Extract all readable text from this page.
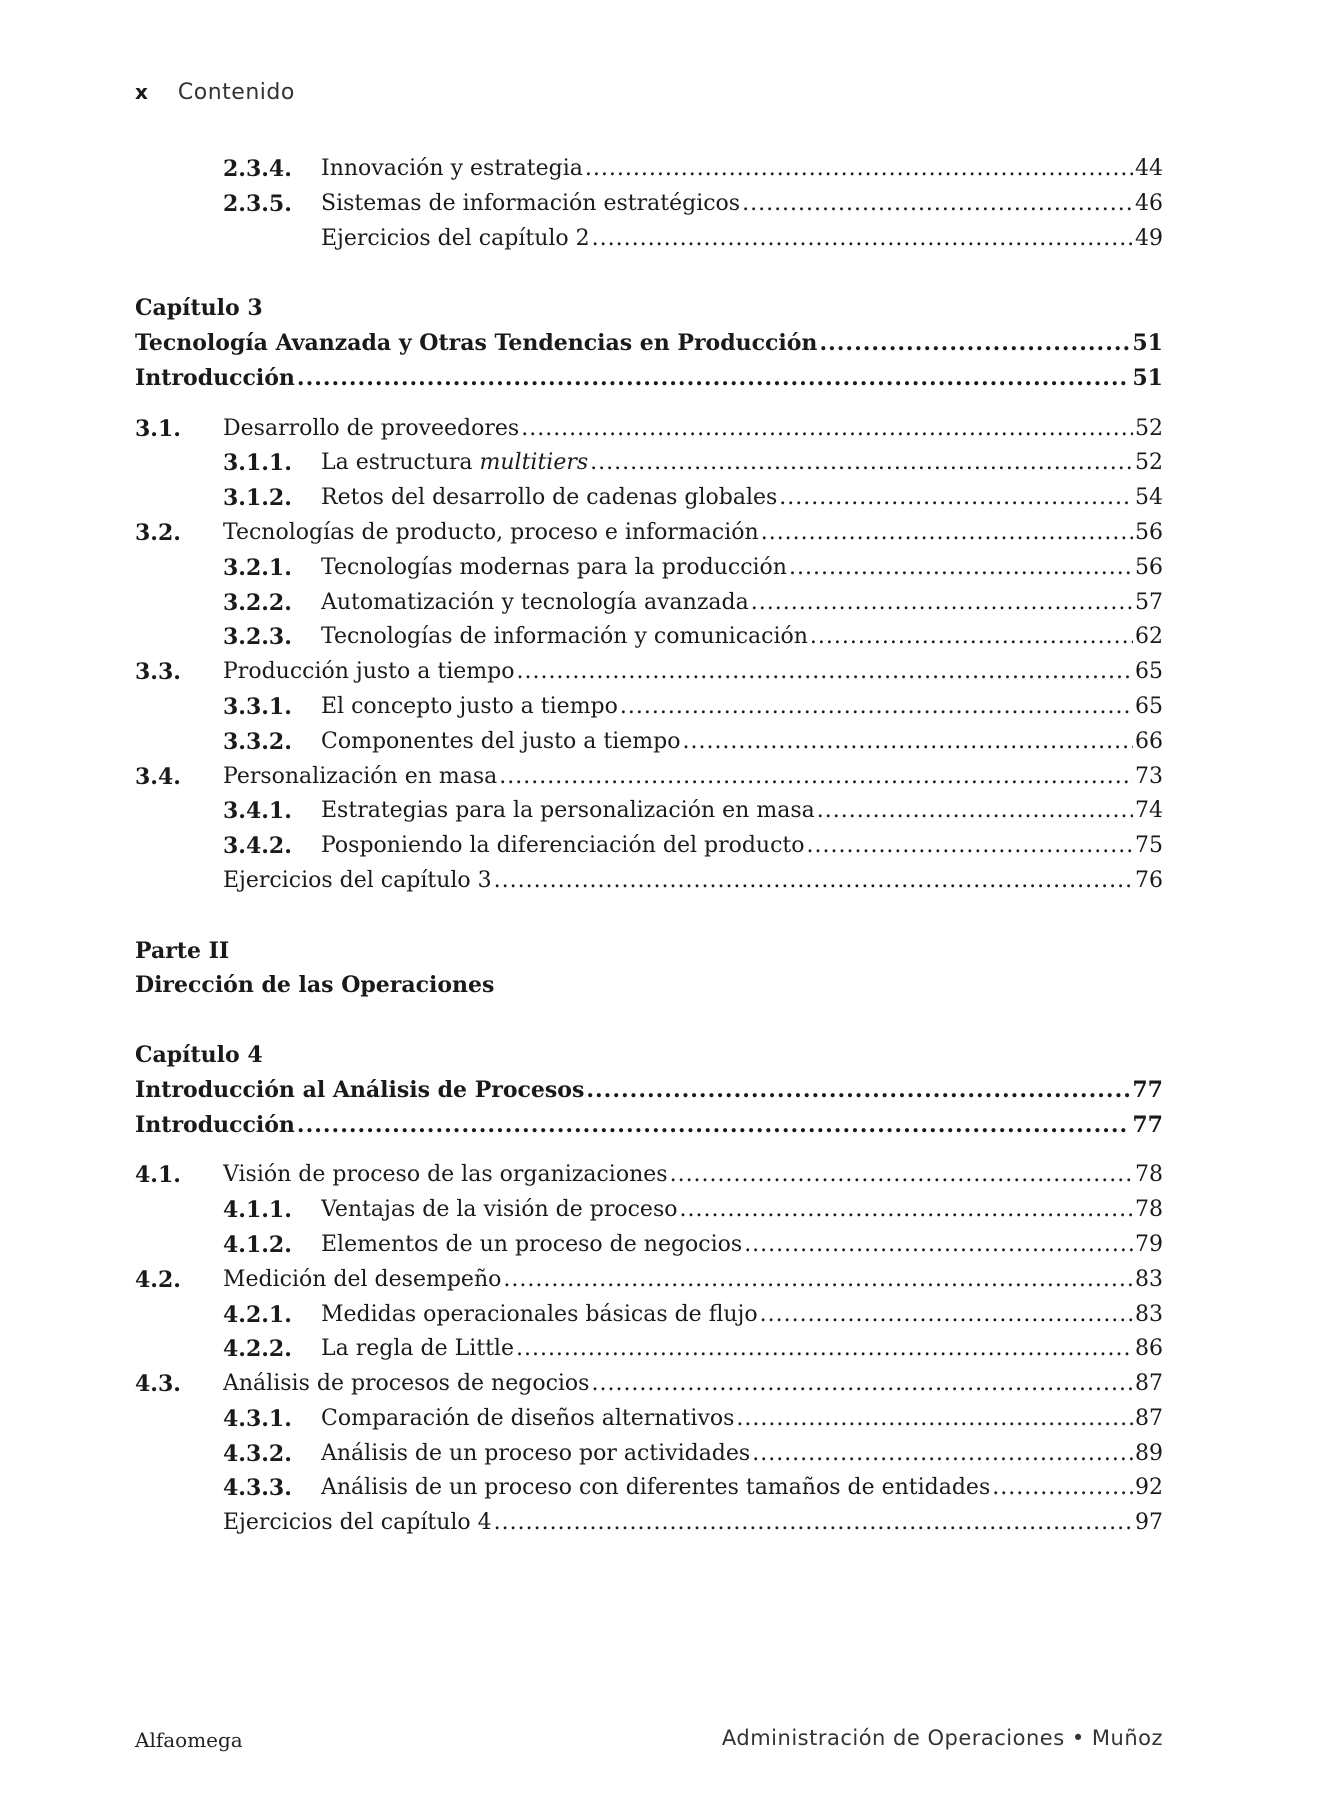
x Contenido
2.3.4. Innovación y estrategia .....	44
2.3.5. Sistemas de información estratégicos .....	46
Ejercicios del capítulo 2 .....	49
Capítulo 3
Tecnología Avanzada y Otras Tendencias en Producción .....	51
Introducción .....	51
3.1. Desarrollo de proveedores .....	52
3.1.1. La estructura multitiers .....	52
3.1.2. Retos del desarrollo de cadenas globales .....	54
3.2. Tecnologías de producto, proceso e información .....	56
3.2.1. Tecnologías modernas para la producción .....	56
3.2.2. Automatización y tecnología avanzada .....	57
3.2.3. Tecnologías de información y comunicación .....	62
3.3. Producción justo a tiempo .....	65
3.3.1. El concepto justo a tiempo .....	65
3.3.2. Componentes del justo a tiempo .....	66
3.4. Personalización en masa .....	73
3.4.1. Estrategias para la personalización en masa .....	74
3.4.2. Posponiendo la diferenciación del producto .....	75
Ejercicios del capítulo 3 .....	76
Parte II
Dirección de las Operaciones
Capítulo 4
Introducción al Análisis de Procesos .....	77
Introducción .....	77
4.1. Visión de proceso de las organizaciones .....	78
4.1.1. Ventajas de la visión de proceso .....	78
4.1.2. Elementos de un proceso de negocios .....	79
4.2. Medición del desempeño .....	83
4.2.1. Medidas operacionales básicas de flujo .....	83
4.2.2. La regla de Little .....	86
4.3. Análisis de procesos de negocios .....	87
4.3.1. Comparación de diseños alternativos .....	87
4.3.2. Análisis de un proceso por actividades .....	89
4.3.3. Análisis de un proceso con diferentes tamaños de entidades .....	92
Ejercicios del capítulo 4 .....	97
Alfaomega	Administración de Operaciones • Muñoz
